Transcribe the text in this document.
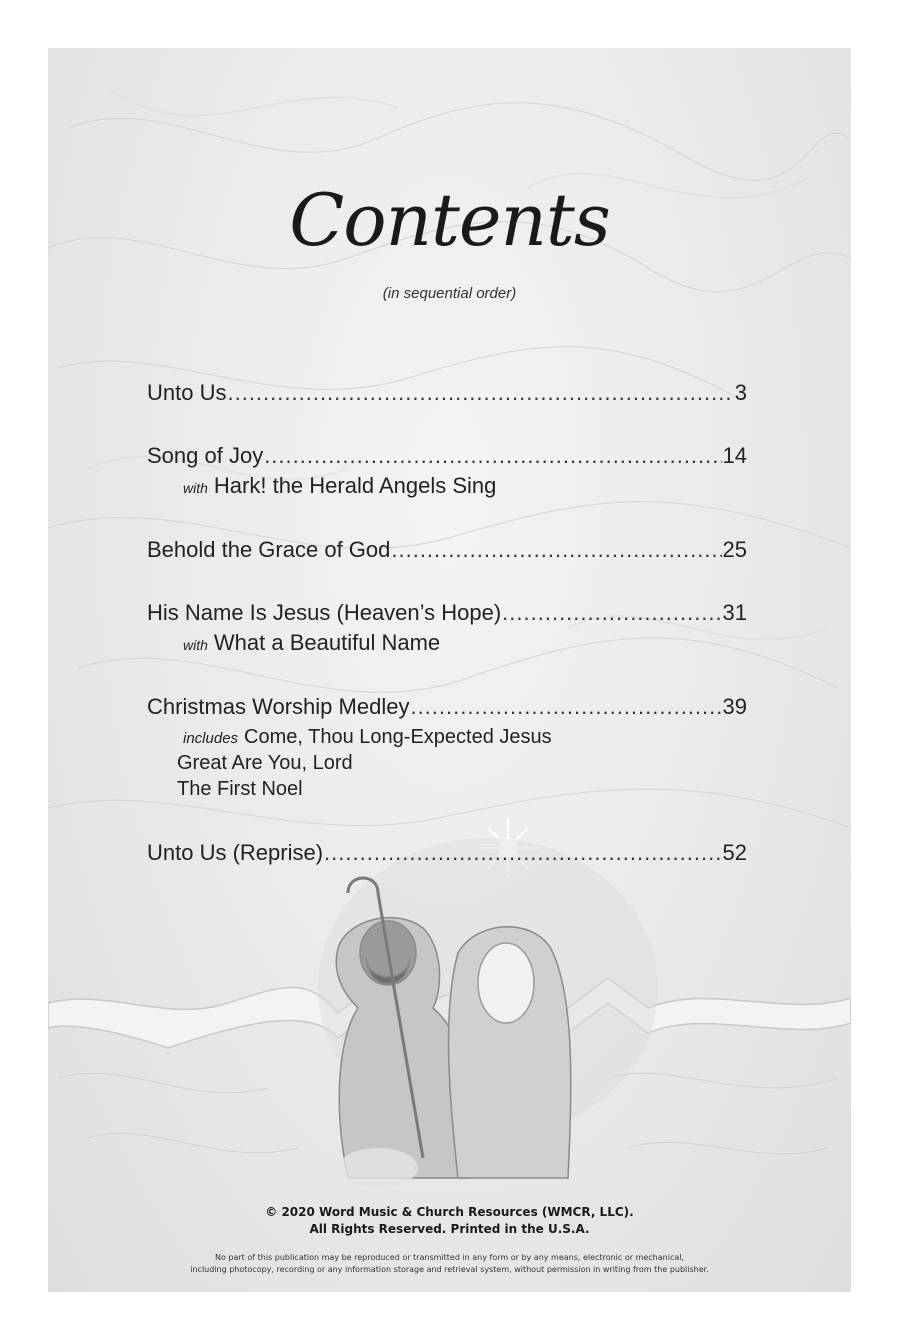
Contents
(in sequential order)
Unto Us .....	3
Song of Joy .....	14
with Hark! the Herald Angels Sing
Behold the Grace of God .....	25
His Name Is Jesus (Heaven’s Hope) .....	31
with What a Beautiful Name
Christmas Worship Medley .....	39
includes Come, Thou Long-Expected Jesus
Great Are You, Lord
The First Noel
Unto Us (Reprise) .....	52
© 2020 Word Music & Church Resources (WMCR, LLC).
All Rights Reserved. Printed in the U.S.A.
No part of this publication may be reproduced or transmitted in any form or by any means, electronic or mechanical,
including photocopy, recording or any information storage and retrieval system, without permission in writing from the publisher.
